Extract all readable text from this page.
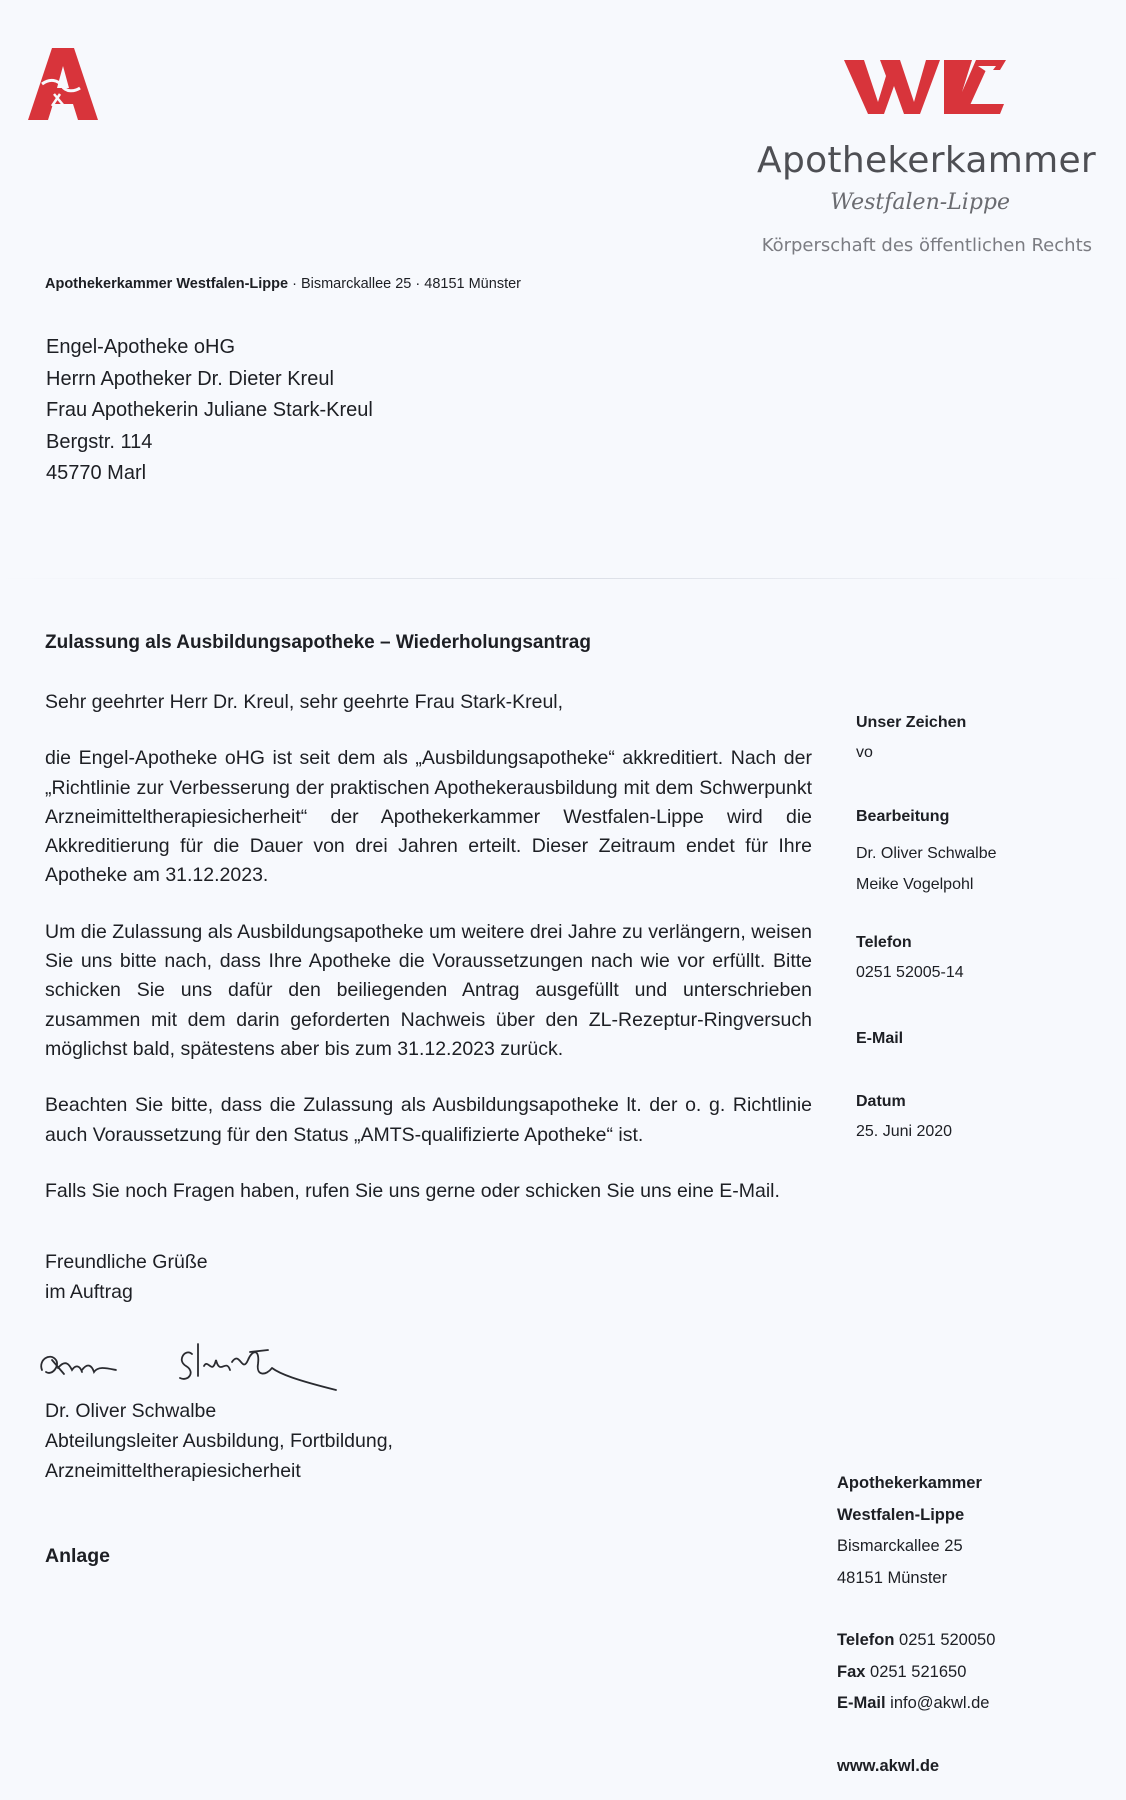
Apothekerkammer
Westfalen-Lippe
Körperschaft des öffentlichen Rechts
Apothekerkammer Westfalen-Lippe · Bismarckallee 25 · 48151 Münster
Engel-Apotheke oHG
Herrn Apotheker Dr. Dieter Kreul
Frau Apothekerin Juliane Stark-Kreul
Bergstr. 114
45770 Marl
Zulassung als Ausbildungsapotheke – Wiederholungsantrag

Sehr geehrter Herr Dr. Kreul, sehr geehrte Frau Stark-Kreul,

die Engel-Apotheke oHG ist seit dem als „Ausbildungsapotheke“ akkreditiert. Nach der „Richtlinie zur Verbesserung der praktischen Apothekerausbildung mit dem Schwerpunkt Arzneimitteltherapiesicherheit“ der Apothekerkammer Westfalen-Lippe wird die Akkreditierung für die Dauer von drei Jahren erteilt. Dieser Zeitraum endet für Ihre Apotheke am 31.12.2023.

Um die Zulassung als Ausbildungsapotheke um weitere drei Jahre zu verlängern, weisen Sie uns bitte nach, dass Ihre Apotheke die Voraussetzungen nach wie vor erfüllt. Bitte schicken Sie uns dafür den beiliegenden Antrag ausgefüllt und unterschrieben zusammen mit dem darin geforderten Nachweis über den ZL-Rezeptur-Ringversuch möglichst bald, spätestens aber bis zum 31.12.2023 zurück.

Beachten Sie bitte, dass die Zulassung als Ausbildungsapotheke lt. der o. g. Richtlinie auch Voraussetzung für den Status „AMTS-qualifizierte Apotheke“ ist.

Falls Sie noch Fragen haben, rufen Sie uns gerne oder schicken Sie uns eine E-Mail.

Freundliche Grüße
im Auftrag
Dr. Oliver Schwalbe
Abteilungsleiter Ausbildung, Fortbildung,
Arzneimitteltherapiesicherheit
Anlage
Unser Zeichen
vo
Bearbeitung
Dr. Oliver Schwalbe
Meike Vogelpohl
Telefon
0251 52005-14
E-Mail
Datum
25. Juni 2020
Apothekerkammer
Westfalen-Lippe
Bismarckallee 25
48151 Münster
Telefon 0251 520050
Fax 0251 521650
E-Mail info@akwl.de
www.akwl.de
